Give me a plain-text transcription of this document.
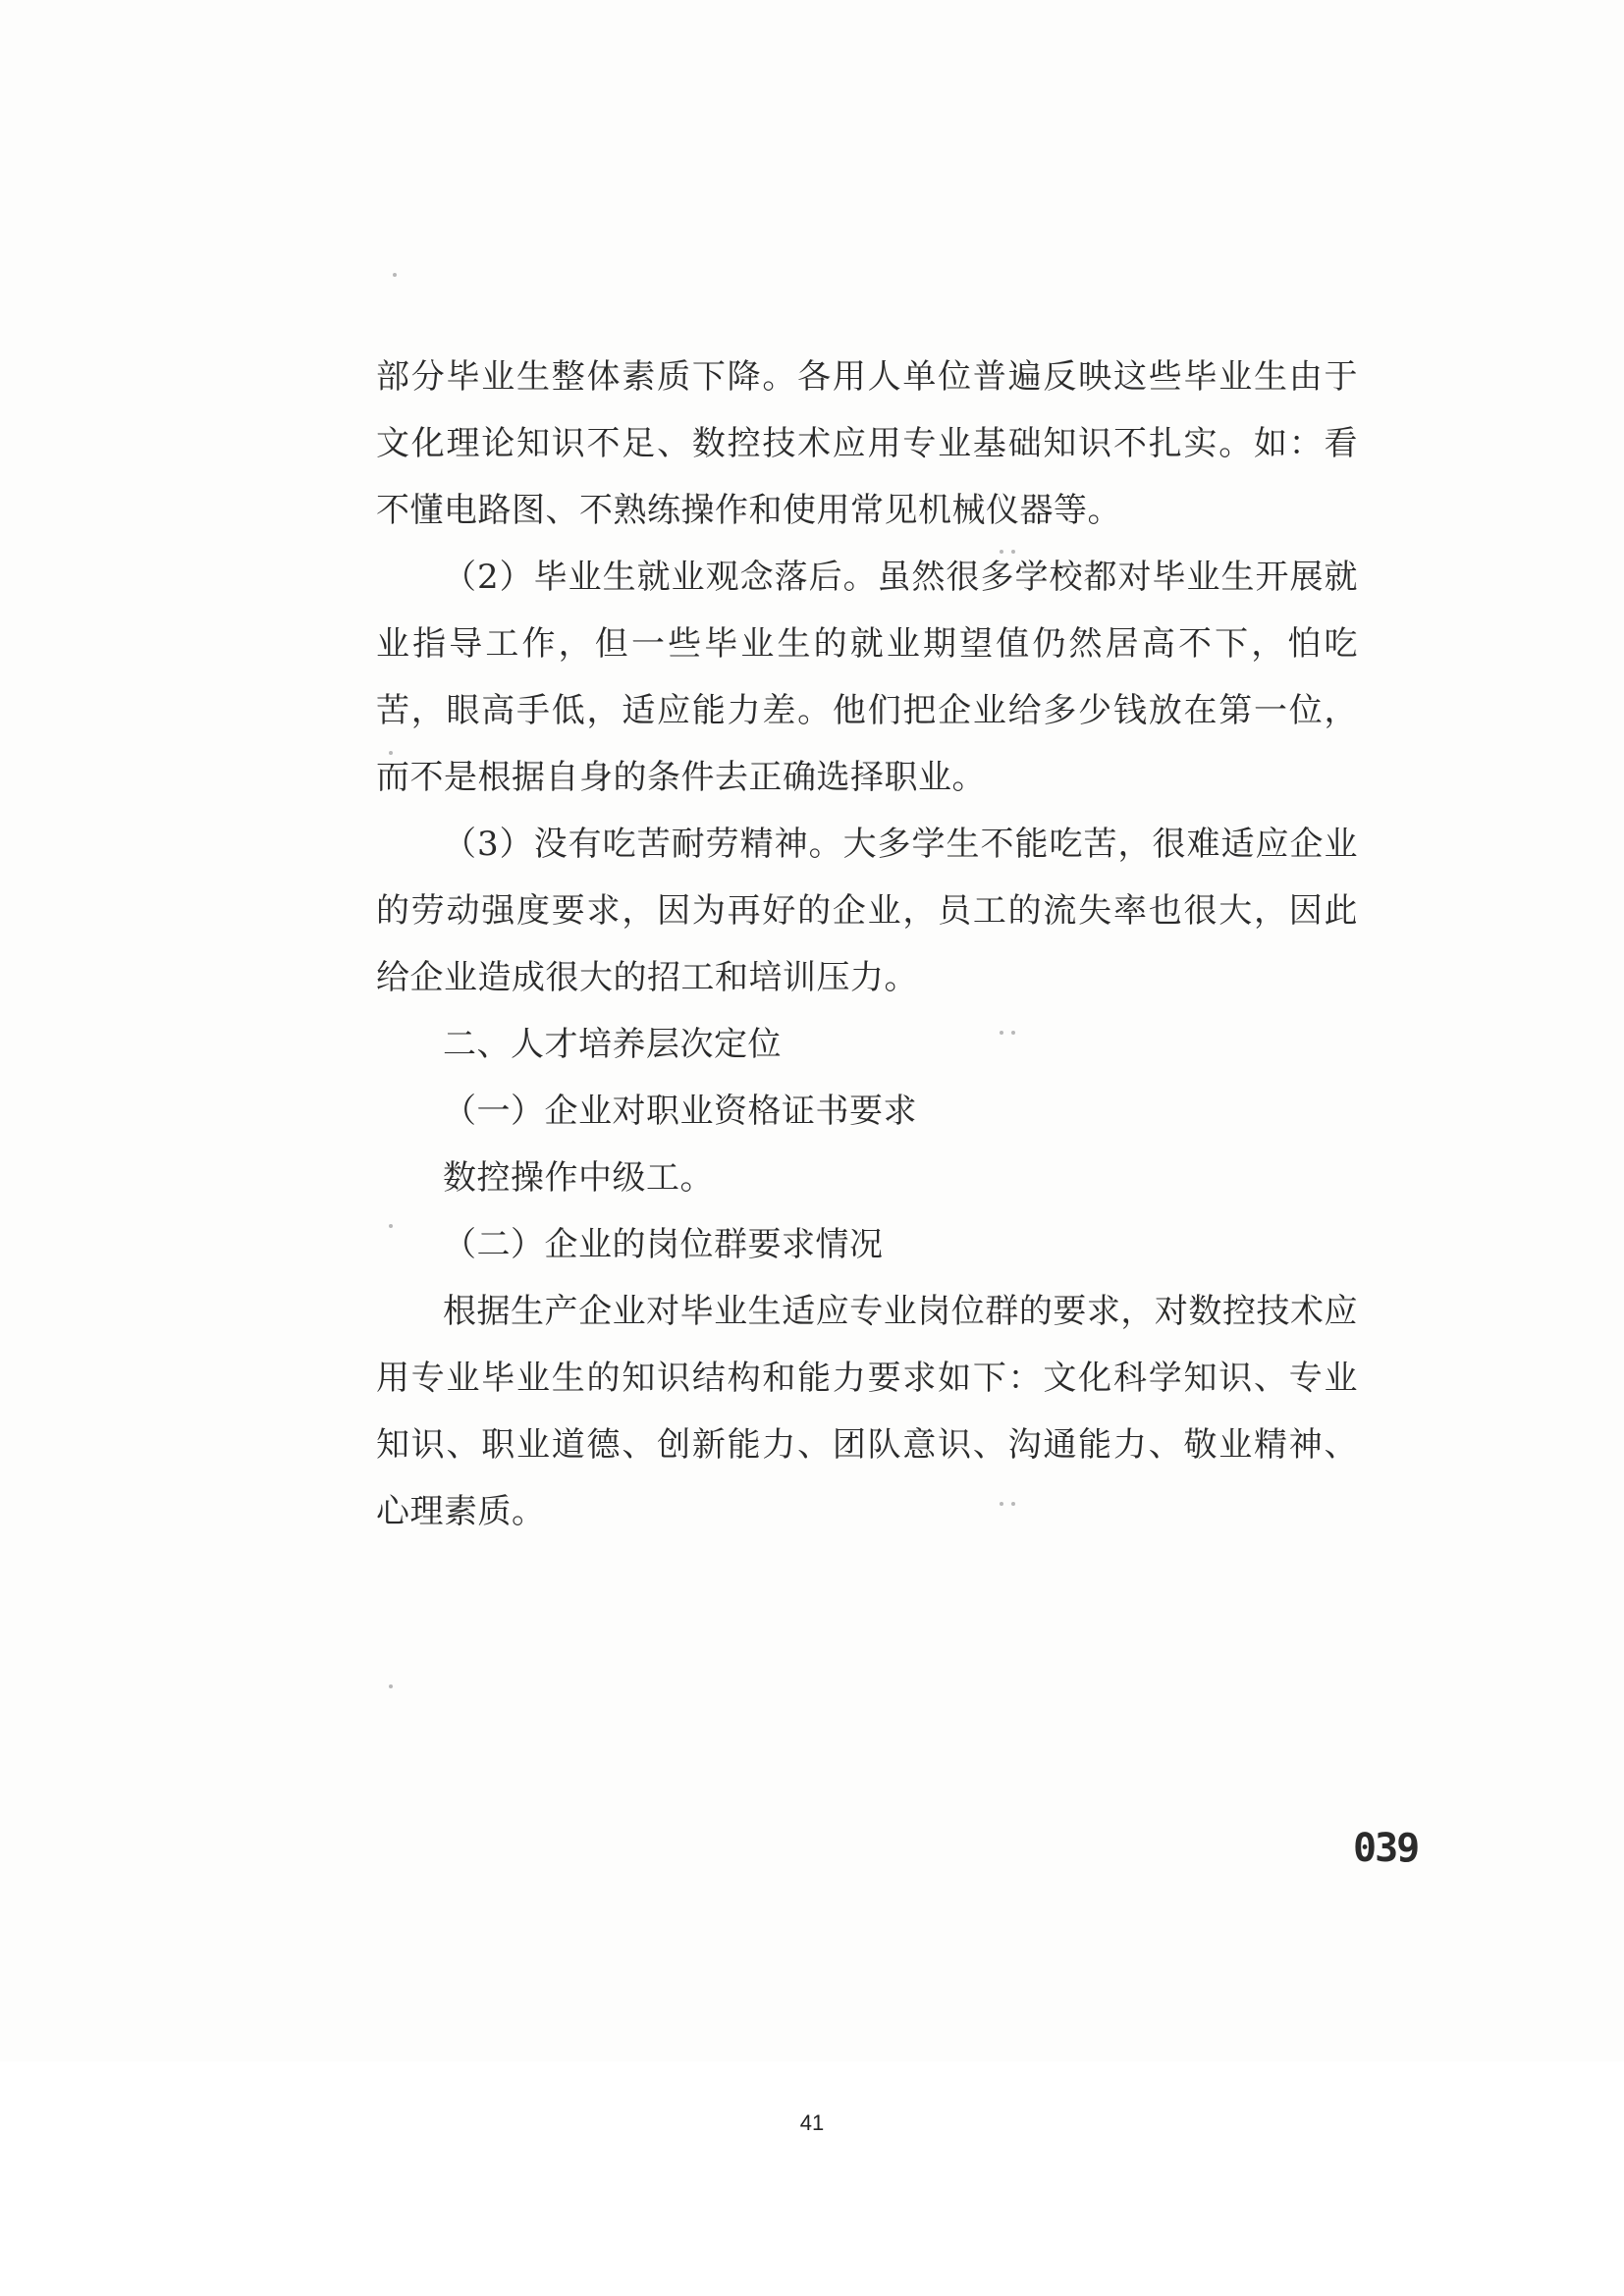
部分毕业生整体素质下降。各用人单位普遍反映这些毕业生由于文化理论知识不足、数控技术应用专业基础知识不扎实。如：看不懂电路图、不熟练操作和使用常见机械仪器等。

（2）毕业生就业观念落后。虽然很多学校都对毕业生开展就业指导工作，但一些毕业生的就业期望值仍然居高不下，怕吃苦，眼高手低，适应能力差。他们把企业给多少钱放在第一位，而不是根据自身的条件去正确选择职业。

（3）没有吃苦耐劳精神。大多学生不能吃苦，很难适应企业的劳动强度要求，因为再好的企业，员工的流失率也很大，因此给企业造成很大的招工和培训压力。

二、人才培养层次定位

（一）企业对职业资格证书要求

数控操作中级工。

（二）企业的岗位群要求情况

根据生产企业对毕业生适应专业岗位群的要求，对数控技术应用专业毕业生的知识结构和能力要求如下：文化科学知识、专业知识、职业道德、创新能力、团队意识、沟通能力、敬业精神、心理素质。

039
41
